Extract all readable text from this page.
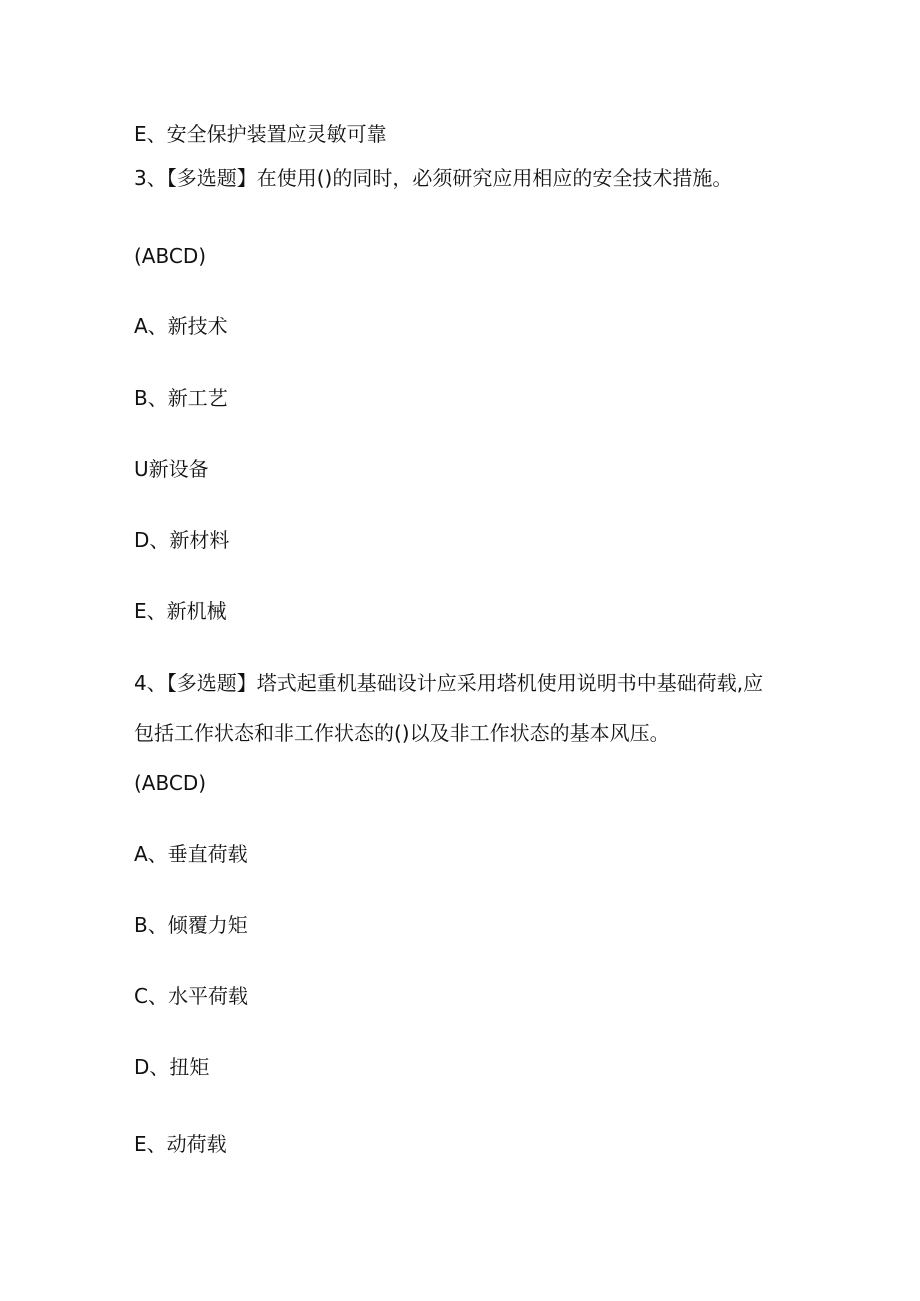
E、安全保护装置应灵敏可靠
3、【多选题】在使用()的同时，必须研究应用相应的安全技术措施。
(ABCD)
A、新技术
B、新工艺
U新设备
D、新材料
E、新机械
4、【多选题】塔式起重机基础设计应采用塔机使用说明书中基础荷载,应
包括工作状态和非工作状态的()以及非工作状态的基本风压。
(ABCD)
A、垂直荷载
B、倾覆力矩
C、水平荷载
D、扭矩
E、动荷载
